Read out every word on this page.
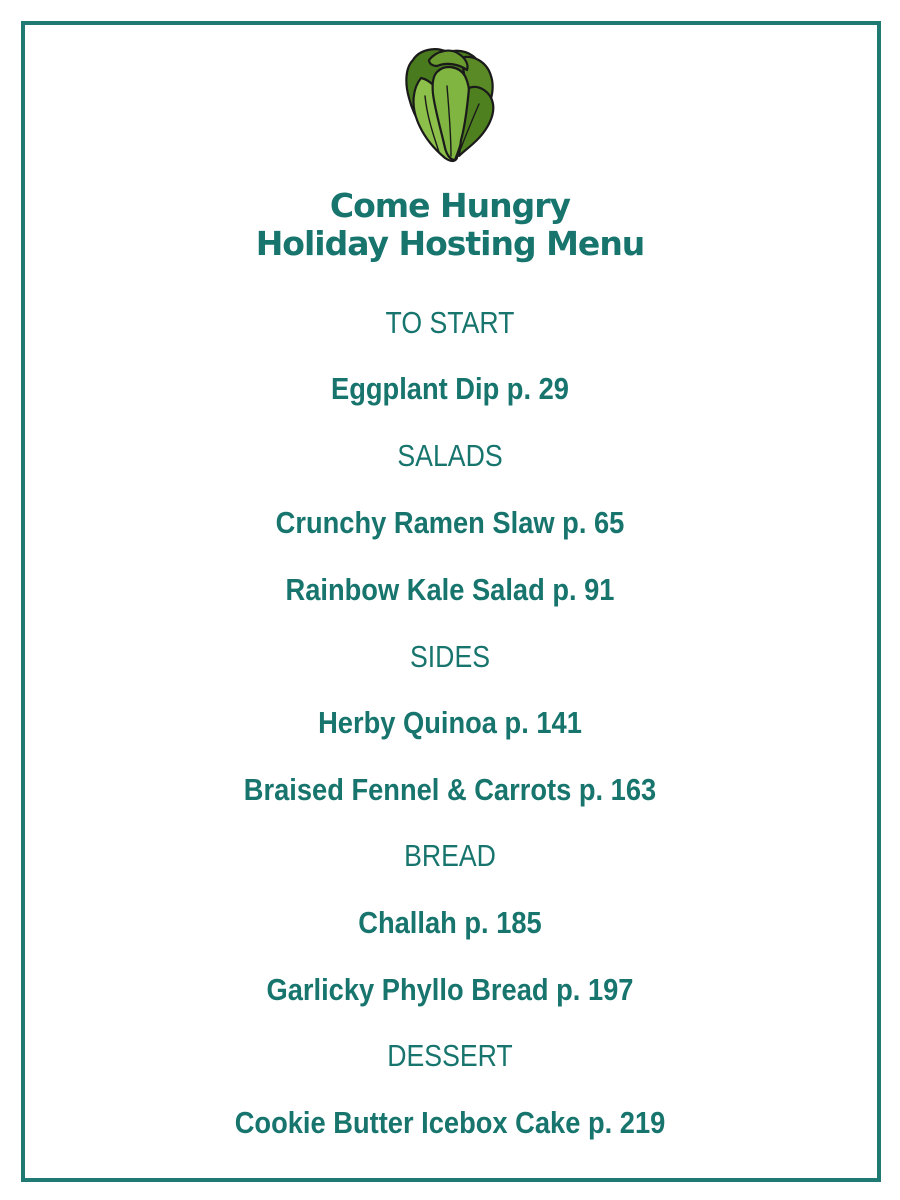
Come Hungry
Holiday Hosting Menu
TO START
Eggplant Dip p. 29
SALADS
Crunchy Ramen Slaw p. 65
Rainbow Kale Salad p. 91
SIDES
Herby Quinoa p. 141
Braised Fennel & Carrots p. 163
BREAD
Challah p. 185
Garlicky Phyllo Bread p. 197
DESSERT
Cookie Butter Icebox Cake p. 219
